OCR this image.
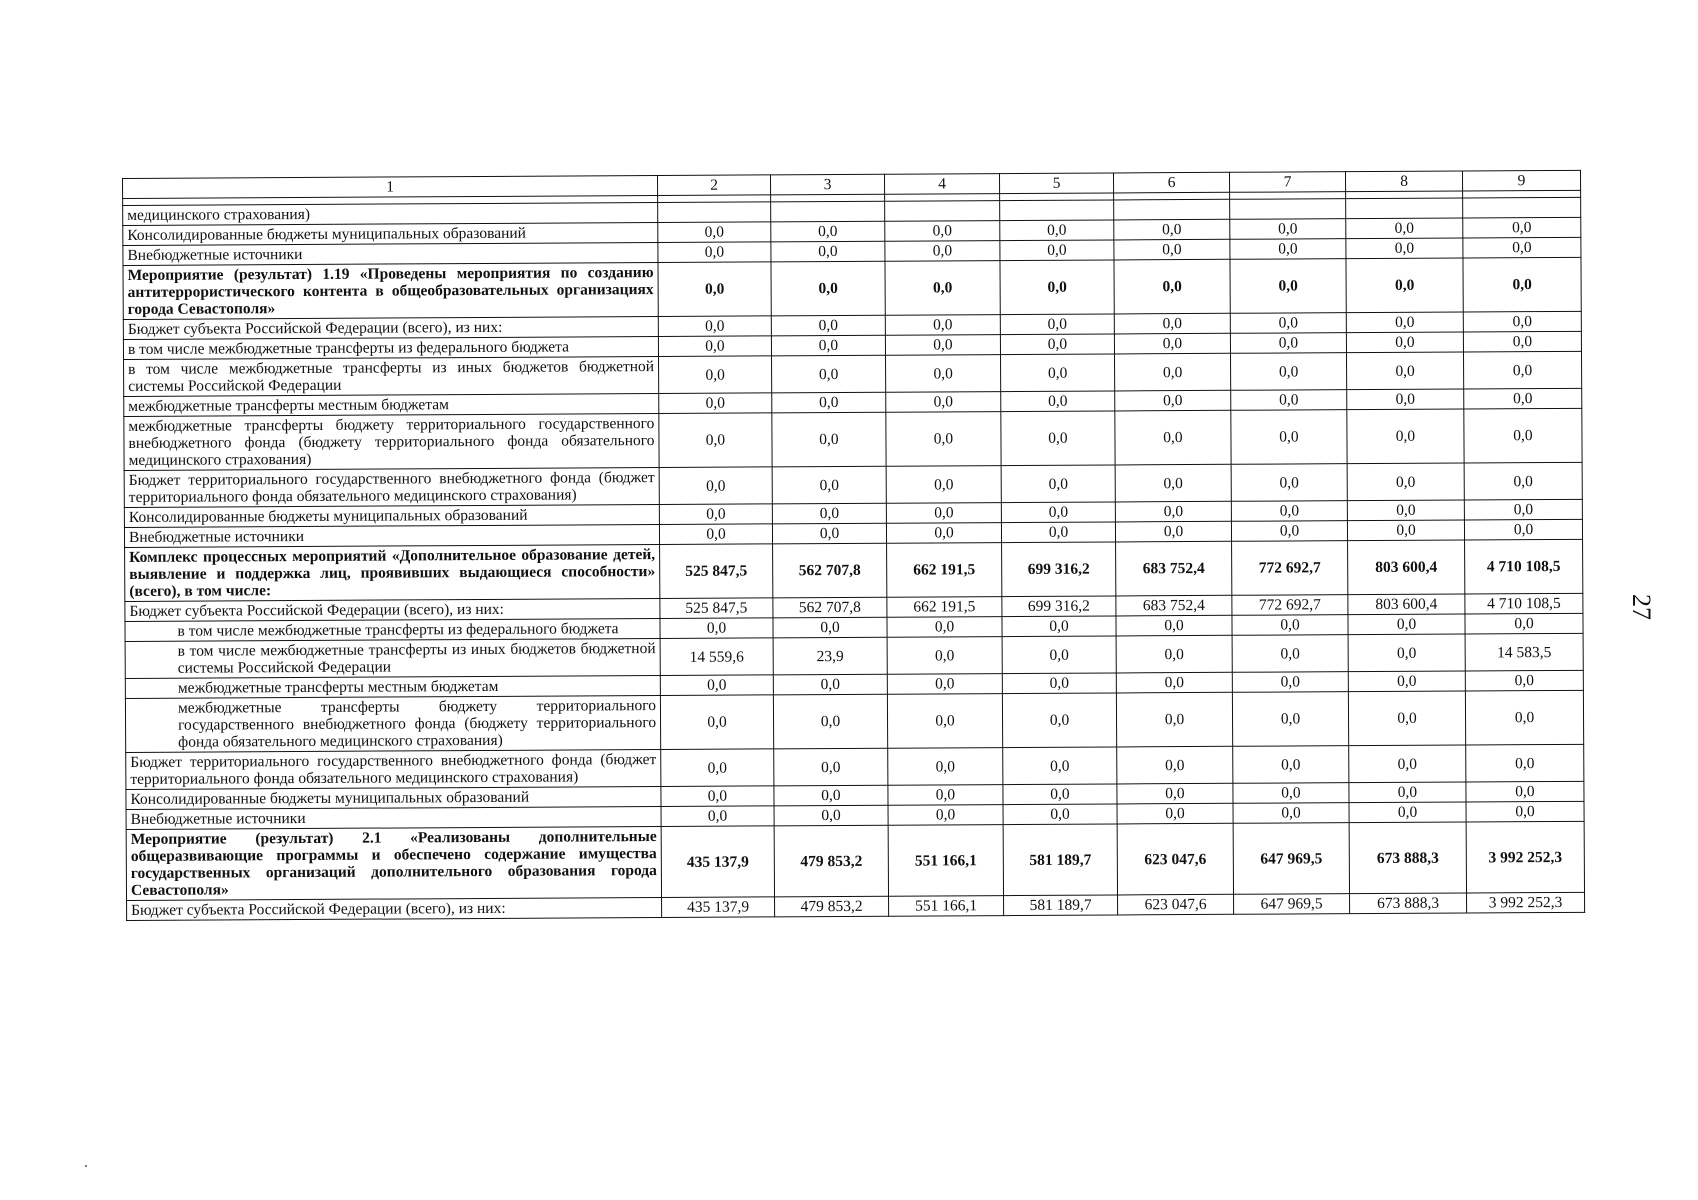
27
1	2	3	4	5	6	7	8	9

медицинского страхования)								
Консолидированные бюджеты муниципальных образований	0,0	0,0	0,0	0,0	0,0	0,0	0,0	0,0
Внебюджетные источники	0,0	0,0	0,0	0,0	0,0	0,0	0,0	0,0
Мероприятие (результат) 1.19 «Проведены мероприятия по созданию антитеррористического контента в общеобразовательных организациях города Севастополя»	0,0	0,0	0,0	0,0	0,0	0,0	0,0	0,0
Бюджет субъекта Российской Федерации (всего), из них:	0,0	0,0	0,0	0,0	0,0	0,0	0,0	0,0
в том числе межбюджетные трансферты из федерального бюджета	0,0	0,0	0,0	0,0	0,0	0,0	0,0	0,0
в том числе межбюджетные трансферты из иных бюджетов бюджетной системы Российской Федерации	0,0	0,0	0,0	0,0	0,0	0,0	0,0	0,0
межбюджетные трансферты местным бюджетам	0,0	0,0	0,0	0,0	0,0	0,0	0,0	0,0
межбюджетные трансферты бюджету территориального государственного внебюджетного фонда (бюджету территориального фонда обязательного медицинского страхования)	0,0	0,0	0,0	0,0	0,0	0,0	0,0	0,0
Бюджет территориального государственного внебюджетного фонда (бюджет территориального фонда обязательного медицинского страхования)	0,0	0,0	0,0	0,0	0,0	0,0	0,0	0,0
Консолидированные бюджеты муниципальных образований	0,0	0,0	0,0	0,0	0,0	0,0	0,0	0,0
Внебюджетные источники	0,0	0,0	0,0	0,0	0,0	0,0	0,0	0,0
Комплекс процессных мероприятий «Дополнительное образование детей, выявление и поддержка лиц, проявивших выдающиеся способности» (всего), в том числе:	525 847,5	562 707,8	662 191,5	699 316,2	683 752,4	772 692,7	803 600,4	4 710 108,5
Бюджет субъекта Российской Федерации (всего), из них:	525 847,5	562 707,8	662 191,5	699 316,2	683 752,4	772 692,7	803 600,4	4 710 108,5
в том числе межбюджетные трансферты из федерального бюджета	0,0	0,0	0,0	0,0	0,0	0,0	0,0	0,0
в том числе межбюджетные трансферты из иных бюджетов бюджетной системы Российской Федерации	14 559,6	23,9	0,0	0,0	0,0	0,0	0,0	14 583,5
межбюджетные трансферты местным бюджетам	0,0	0,0	0,0	0,0	0,0	0,0	0,0	0,0
межбюджетные трансферты бюджету территориального государственного внебюджетного фонда (бюджету территориального фонда обязательного медицинского страхования)	0,0	0,0	0,0	0,0	0,0	0,0	0,0	0,0
Бюджет территориального государственного внебюджетного фонда (бюджет территориального фонда обязательного медицинского страхования)	0,0	0,0	0,0	0,0	0,0	0,0	0,0	0,0
Консолидированные бюджеты муниципальных образований	0,0	0,0	0,0	0,0	0,0	0,0	0,0	0,0
Внебюджетные источники	0,0	0,0	0,0	0,0	0,0	0,0	0,0	0,0
Мероприятие (результат) 2.1 «Реализованы дополнительные общеразвивающие программы и обеспечено содержание имущества государственных организаций дополнительного образования города Севастополя»	435 137,9	479 853,2	551 166,1	581 189,7	623 047,6	647 969,5	673 888,3	3 992 252,3
Бюджет субъекта Российской Федерации (всего), из них:	435 137,9	479 853,2	551 166,1	581 189,7	623 047,6	647 969,5	673 888,3	3 992 252,3
